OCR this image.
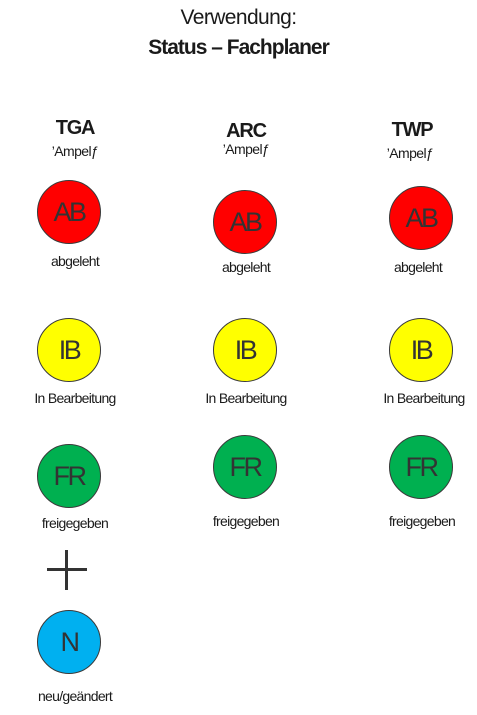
Verwendung:
Status – Fachplaner
TGA
’Ampelƒ
AB
abgeleht
IB
In Bearbeitung
FR
freigegeben
N
neu/geändert
ARC
’Ampelƒ
AB
abgeleht
IB
In Bearbeitung
FR
freigegeben
TWP
’Ampelƒ
AB
abgeleht
IB
In Bearbeitung
FR
freigegeben
